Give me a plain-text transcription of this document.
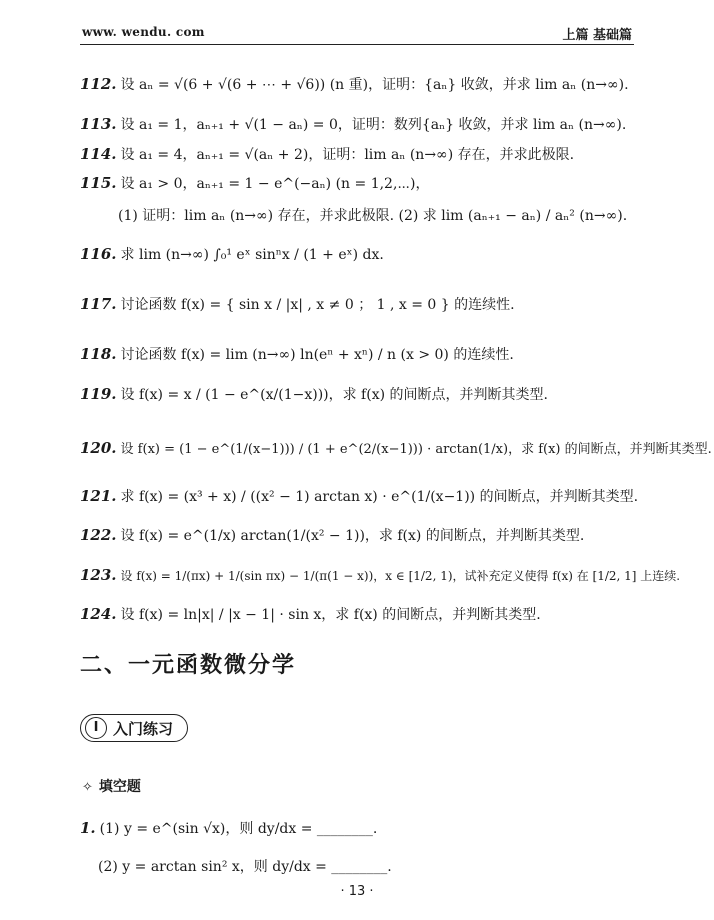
www. wendu. com	上篇 基础篇
112. 设 aₙ = √(6 + √(6 + ⋯ + √6)) (n 重)，证明：{aₙ} 收敛，并求 lim aₙ (n→∞).
113. 设 a₁ = 1，aₙ₊₁ + √(1 − aₙ) = 0，证明：数列{aₙ} 收敛，并求 lim aₙ (n→∞).
114. 设 a₁ = 4，aₙ₊₁ = √(aₙ + 2)，证明：lim aₙ (n→∞) 存在，并求此极限.
115. 设 a₁ > 0，aₙ₊₁ = 1 − e^(−aₙ) (n = 1,2,⋯)，
(1) 证明：lim aₙ (n→∞) 存在，并求此极限. (2) 求 lim (aₙ₊₁ − aₙ) / aₙ² (n→∞).
116. 求 lim (n→∞) ∫₀¹ eˣ sinⁿx / (1 + eˣ) dx.
117. 讨论函数 f(x) = { sin x / |x| , x ≠ 0 ； 1 , x = 0 } 的连续性.
118. 讨论函数 f(x) = lim (n→∞) ln(eⁿ + xⁿ) / n (x > 0) 的连续性.
119. 设 f(x) = x / (1 − e^(x/(1−x)))，求 f(x) 的间断点，并判断其类型.
120. 设 f(x) = (1 − e^(1/(x−1))) / (1 + e^(2/(x−1))) · arctan(1/x)，求 f(x) 的间断点，并判断其类型.
121. 求 f(x) = (x³ + x) / ((x² − 1) arctan x) · e^(1/(x−1)) 的间断点，并判断其类型.
122. 设 f(x) = e^(1/x) arctan(1/(x² − 1))，求 f(x) 的间断点，并判断其类型.
123. 设 f(x) = 1/(πx) + 1/(sin πx) − 1/(π(1 − x))，x ∈ [1/2, 1)，试补充定义使得 f(x) 在 [1/2, 1] 上连续.
124. 设 f(x) = ln|x| / |x − 1| · sin x，求 f(x) 的间断点，并判断其类型.
二、一元函数微分学
I 入门练习
✧ 填空题
1. (1) y = e^(sin √x)，则 dy/dx = ________.
(2) y = arctan sin² x，则 dy/dx = ________.
· 13 ·
